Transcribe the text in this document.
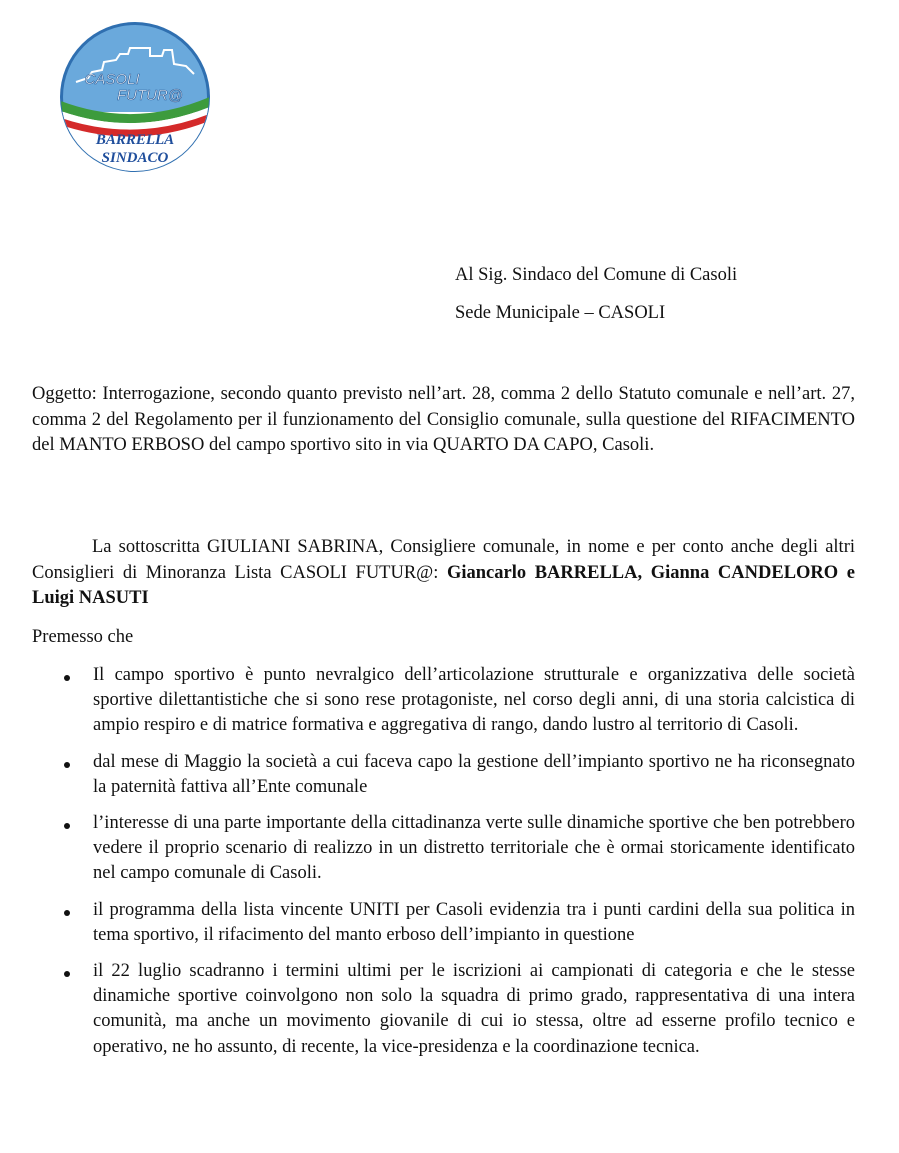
CASOLI
FUTUR@
BARRELLA
SINDACO
Al Sig. Sindaco del Comune di Casoli
Sede Municipale – CASOLI
Oggetto: Interrogazione, secondo quanto previsto nell’art. 28, comma 2 dello Statuto comunale e nell’art. 27, comma 2 del Regolamento per il funzionamento del Consiglio comunale, sulla questione del RIFACIMENTO del MANTO ERBOSO del campo sportivo sito in via QUARTO DA CAPO, Casoli.
La sottoscritta GIULIANI SABRINA, Consigliere comunale, in nome e per conto anche degli altri Consiglieri di Minoranza Lista CASOLI FUTUR@: Giancarlo BARRELLA, Gianna CANDELORO e Luigi NASUTI
Premesso che
Il campo sportivo è punto nevralgico dell’articolazione strutturale e organizzativa delle società sportive dilettantistiche che si sono rese protagoniste, nel corso degli anni, di una storia calcistica di ampio respiro e di matrice formativa e aggregativa di rango, dando lustro al territorio di Casoli.
dal mese di Maggio la società a cui faceva capo la gestione dell’impianto sportivo ne ha riconsegnato la paternità fattiva all’Ente comunale
l’interesse di una parte importante della cittadinanza verte sulle dinamiche sportive che ben potrebbero vedere il proprio scenario di realizzo in un distretto territoriale che è ormai storicamente identificato nel campo comunale di Casoli.
il programma della lista vincente UNITI per Casoli evidenzia tra i punti cardini della sua politica in tema sportivo, il rifacimento del manto erboso dell’impianto in questione
il 22 luglio scadranno i termini ultimi per le iscrizioni ai campionati di categoria e che le stesse dinamiche sportive coinvolgono non solo la squadra di primo grado, rappresentativa di una intera comunità, ma anche un movimento giovanile di cui io stessa, oltre ad esserne profilo tecnico e operativo, ne ho assunto, di recente, la vice-presidenza e la coordinazione tecnica.
